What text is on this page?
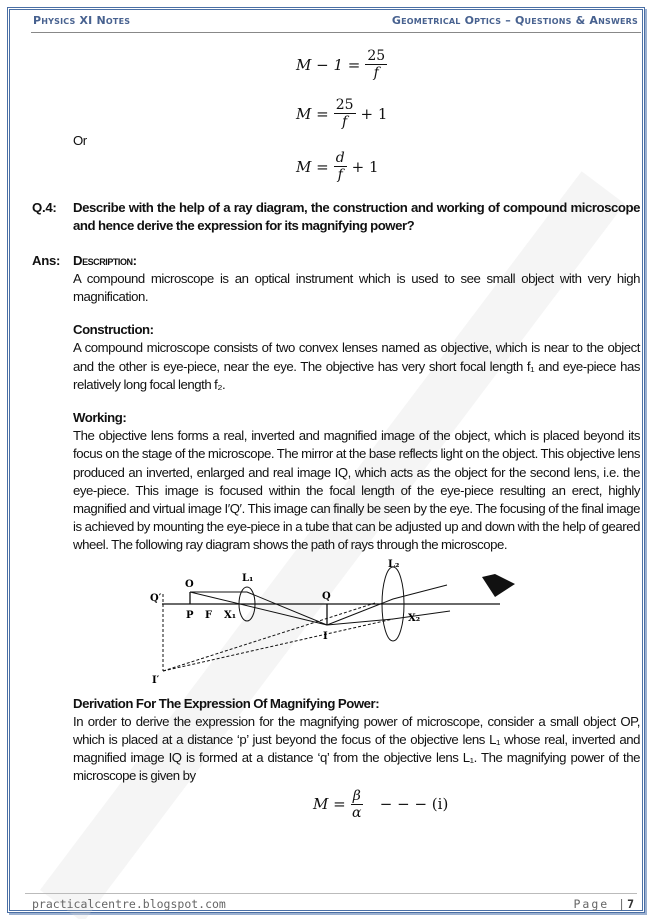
Physics XI Notes	Geometrical Optics – Questions & Answers
$M - 1 = \frac{25}{f}$
$M = \frac{25}{f} + 1$
Or
$M = \frac{d}{f} + 1$
Q.4:	Describe with the help of a ray diagram, the construction and working of compound microscope and hence derive the expression for its magnifying power?
Ans: Description:
A compound microscope is an optical instrument which is used to see small object with very high magnification.
Construction:
A compound microscope consists of two convex lenses named as objective, which is near to the object and the other is eye-piece, near the eye. The objective has very short focal length f₁ and eye-piece has relatively long focal length f₂.
Working:
The objective lens forms a real, inverted and magnified image of the object, which is placed beyond its focus on the stage of the microscope. The mirror at the base reflects light on the object. This objective lens produced an inverted, enlarged and real image IQ, which acts as the object for the second lens, i.e. the eye-piece. This image is focused within the focal length of the eye-piece resulting an erect, highly magnified and virtual image I′Q′. This image can finally be seen by the eye. The focusing of the final image is achieved by mounting the eye-piece in a tube that can be adjusted up and down with the help of geared wheel. The following ray diagram shows the path of rays through the microscope.
Q′
O
P F X₁
L₁
Q
I
L₂
X₂
I′
Derivation For The Expression Of Magnifying Power:
In order to derive the expression for the magnifying power of microscope, consider a small object OP, which is placed at a distance ‘p’ just beyond the focus of the objective lens L₁ whose real, inverted and magnified image IQ is formed at a distance ‘q’ from the objective lens L₁. The magnifying power of the microscope is given by
$M = \frac{\beta}{\alpha}$ − − − (i)
practicalcentre.blogspot.com	Page |7
